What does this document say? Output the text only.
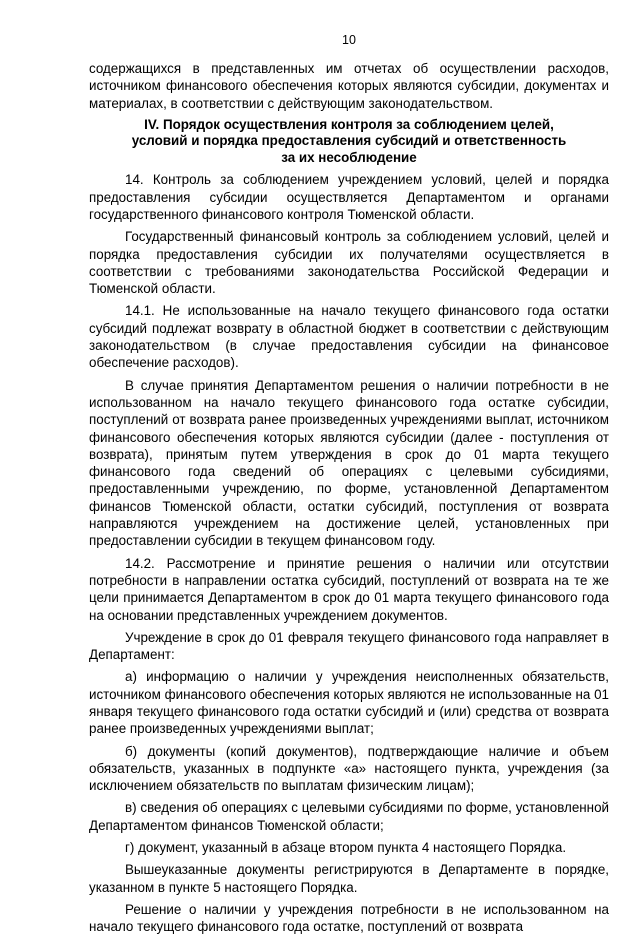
10

содержащихся в представленных им отчетах об осуществлении расходов, источником финансового обеспечения которых являются субсидии, документах и материалах, в соответствии с действующим законодательством.

IV. Порядок осуществления контроля за соблюдением целей,
условий и порядка предоставления субсидий и ответственность
за их несоблюдение

14. Контроль за соблюдением учреждением условий, целей и порядка предоставления субсидии осуществляется Департаментом и органами государственного финансового контроля Тюменской области.

Государственный финансовый контроль за соблюдением условий, целей и порядка предоставления субсидии их получателями осуществляется в соответствии с требованиями законодательства Российской Федерации и Тюменской области.

14.1. Не использованные на начало текущего финансового года остатки субсидий подлежат возврату в областной бюджет в соответствии с действующим законодательством (в случае предоставления субсидии на финансовое обеспечение расходов).

В случае принятия Департаментом решения о наличии потребности в не использованном на начало текущего финансового года остатке субсидии, поступлений от возврата ранее произведенных учреждениями выплат, источником финансового обеспечения которых являются субсидии (далее - поступления от возврата), принятым путем утверждения в срок до 01 марта текущего финансового года сведений об операциях с целевыми субсидиями, предоставленными учреждению, по форме, установленной Департаментом финансов Тюменской области, остатки субсидий, поступления от возврата направляются учреждением на достижение целей, установленных при предоставлении субсидии в текущем финансовом году.

14.2. Рассмотрение и принятие решения о наличии или отсутствии потребности в направлении остатка субсидий, поступлений от возврата на те же цели принимается Департаментом в срок до 01 марта текущего финансового года на основании представленных учреждением документов.

Учреждение в срок до 01 февраля текущего финансового года направляет в Департамент:

а) информацию о наличии у учреждения неисполненных обязательств, источником финансового обеспечения которых являются не использованные на 01 января текущего финансового года остатки субсидий и (или) средства от возврата ранее произведенных учреждениями выплат;

б) документы (копий документов), подтверждающие наличие и объем обязательств, указанных в подпункте «а» настоящего пункта, учреждения (за исключением обязательств по выплатам физическим лицам);

в) сведения об операциях с целевыми субсидиями по форме, установленной Департаментом финансов Тюменской области;

г) документ, указанный в абзаце втором пункта 4 настоящего Порядка.

Вышеуказанные документы регистрируются в Департаменте в порядке, указанном в пункте 5 настоящего Порядка.

Решение о наличии у учреждения потребности в не использованном на начало текущего финансового года остатке, поступлений от возврата
